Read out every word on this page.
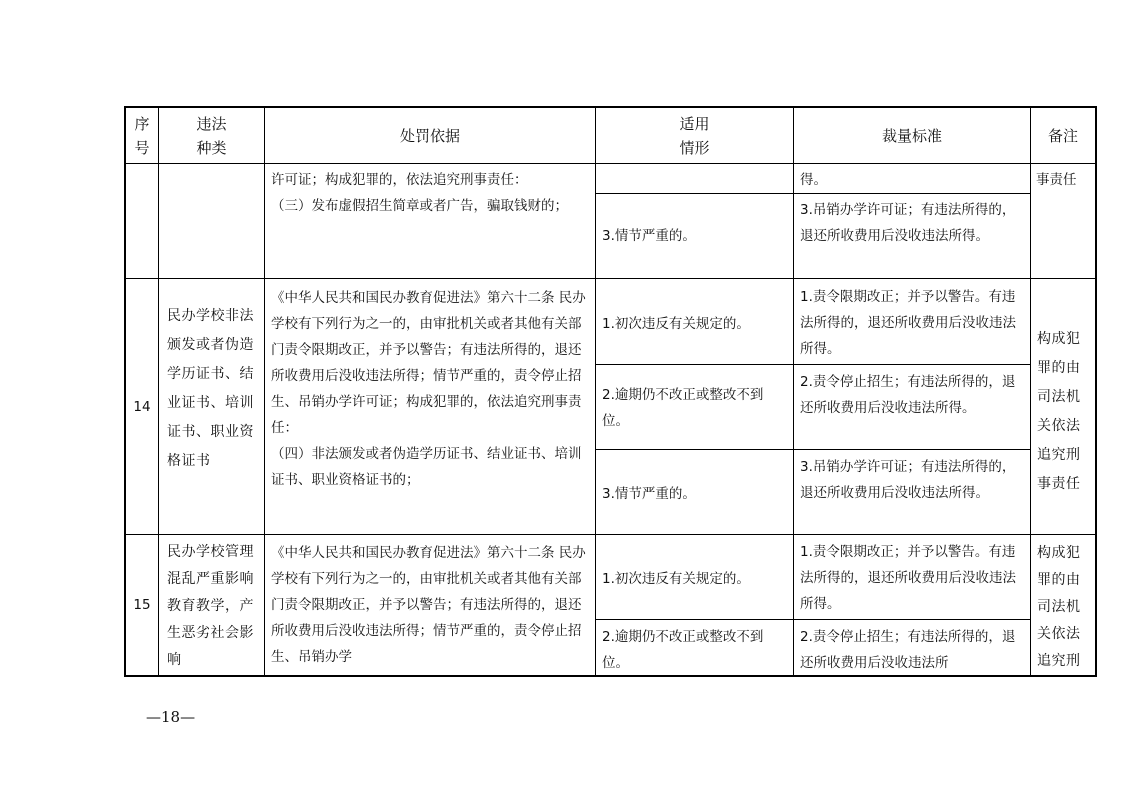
序
号
违法
种类
处罚依据
适用
情形
裁量标准	备注
许可证；构成犯罪的，依法追究刑事责任：
（三）发布虚假招生简章或者广告，骗取钱财的；
得。
3.情节严重的。
3.吊销办学许可证；有违法所得的，退还所收费用后没收违法所得。
事责任
14
民办学校非法颁发或者伪造学历证书、结业证书、培训证书、职业资格证书
《中华人民共和国民办教育促进法》第六十二条 民办学校有下列行为之一的，由审批机关或者其他有关部门责令限期改正，并予以警告；有违法所得的，退还所收费用后没收违法所得；情节严重的，责令停止招生、吊销办学许可证；构成犯罪的，依法追究刑事责任：
（四）非法颁发或者伪造学历证书、结业证书、培训证书、职业资格证书的；
1.初次违反有关规定的。
1.责令限期改正；并予以警告。有违法所得的，退还所收费用后没收违法所得。
2.逾期仍不改正或整改不到位。
2.责令停止招生；有违法所得的，退还所收费用后没收违法所得。
3.情节严重的。
3.吊销办学许可证；有违法所得的，退还所收费用后没收违法所得。
构成犯罪的由司法机关依法追究刑事责任
15
民办学校管理混乱严重影响教育教学，产生恶劣社会影响
《中华人民共和国民办教育促进法》第六十二条 民办学校有下列行为之一的，由审批机关或者其他有关部门责令限期改正，并予以警告；有违法所得的，退还所收费用后没收违法所得；情节严重的，责令停止招生、吊销办学
1.初次违反有关规定的。
1.责令限期改正；并予以警告。有违法所得的，退还所收费用后没收违法所得。
2.逾期仍不改正或整改不到位。
2.责令停止招生；有违法所得的，退还所收费用后没收违法所
构成犯罪的由司法机关依法追究刑
—18—
